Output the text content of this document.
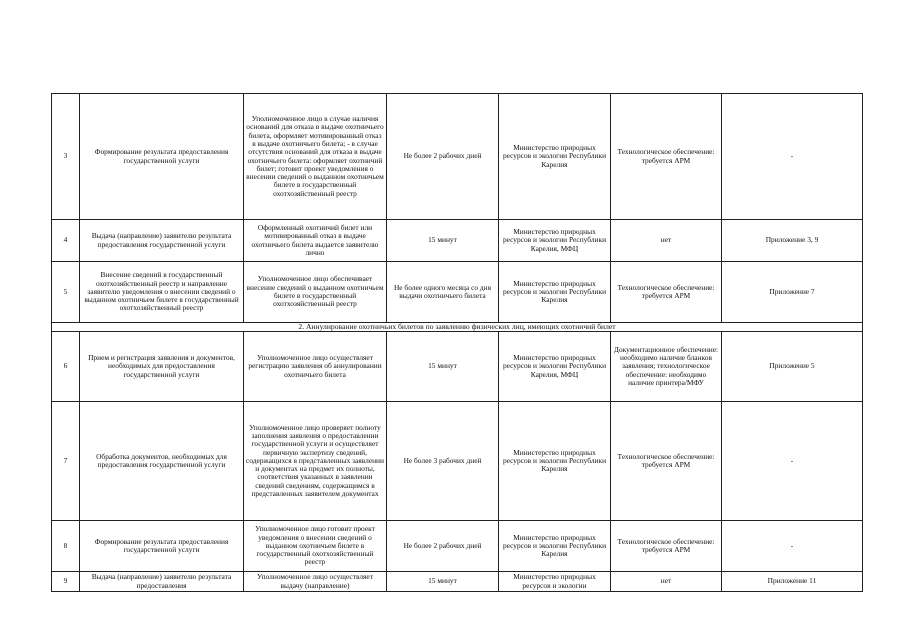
3	Формирование результата предоставления государственной услуги	Уполномоченное лицо в случае наличия оснований для отказа в выдаче охотничьего билета, оформляет мотивированный отказ в выдаче охотничьего билета; - в случае отсутствия оснований для отказа в выдаче охотничьего билета: оформляет охотничий билет; готовит проект уведомления о внесении сведений о выданном охотничьем билете в государственный охотхозяйственный реестр	Не более 2 рабочих дней	Министерство природных ресурсов и экологии Республики Карелия	Технологическое обеспечение: требуется АРМ	-
4	Выдача (направление) заявителю результата предоставления государственной услуги	Оформленный охотничий билет или мотивированный отказ в выдаче охотничьего билета выдается заявителю лично	15 минут	Министерство природных ресурсов и экологии Республики Карелия, МФЦ	нет	Приложение 3, 9
5	Внесение сведений в государственный охотхозяйственный реестр и направление заявителю уведомления о внесении сведений о выданном охотничьем билете в государственный охотхозяйственный реестр	Уполномоченное лицо обеспечивает внесение сведений о выданном охотничьем билете в государственный охотхозяйственный реестр	Не более одного месяца со дня выдачи охотничьего билета	Министерство природных ресурсов и экологии Республики Карелия	Технологическое обеспечение: требуется АРМ	Приложение 7
2. Аннулирование охотничьих билетов по заявлению физических лиц, имеющих охотничий билет						
6	Прием и регистрация заявления и документов, необходимых для предоставления государственной услуги	Уполномоченное лицо осуществляет регистрацию заявления об аннулировании охотничьего билета	15 минут	Министерство природных ресурсов и экологии Республики Карелия, МФЦ	Документационное обеспечение: необходимо наличие бланков заявления; технологическое обеспечение: необходимо наличие принтера/МФУ	Приложение 5
7	Обработка документов, необходимых для предоставления государственной услуги	Уполномоченное лицо проверяет полноту заполнения заявления о предоставлении государственной услуги и осуществляет первичную экспертизу сведений, содержащихся в представленных заявлении и документах на предмет их полноты, соответствия указанных в заявлении сведений сведениям, содержащимся в представленных заявителем документах	Не более 3 рабочих дней	Министерство природных ресурсов и экологии Республики Карелия	Технологическое обеспечение: требуется АРМ	-
8	Формирование результата предоставления государственной услуги	Уполномоченное лицо готовит проект уведомления о внесении сведений о выданном охотничьем билете в государственный охотхозяйственный реестр	Не более 2 рабочих дней	Министерство природных ресурсов и экологии Республики Карелия	Технологическое обеспечение: требуется АРМ	-
9	Выдача (направление) заявителю результата предоставления	Уполномоченное лицо осуществляет выдачу (направление)	15 минут	Министерство природных ресурсов и экологии	нет	Приложение 11
